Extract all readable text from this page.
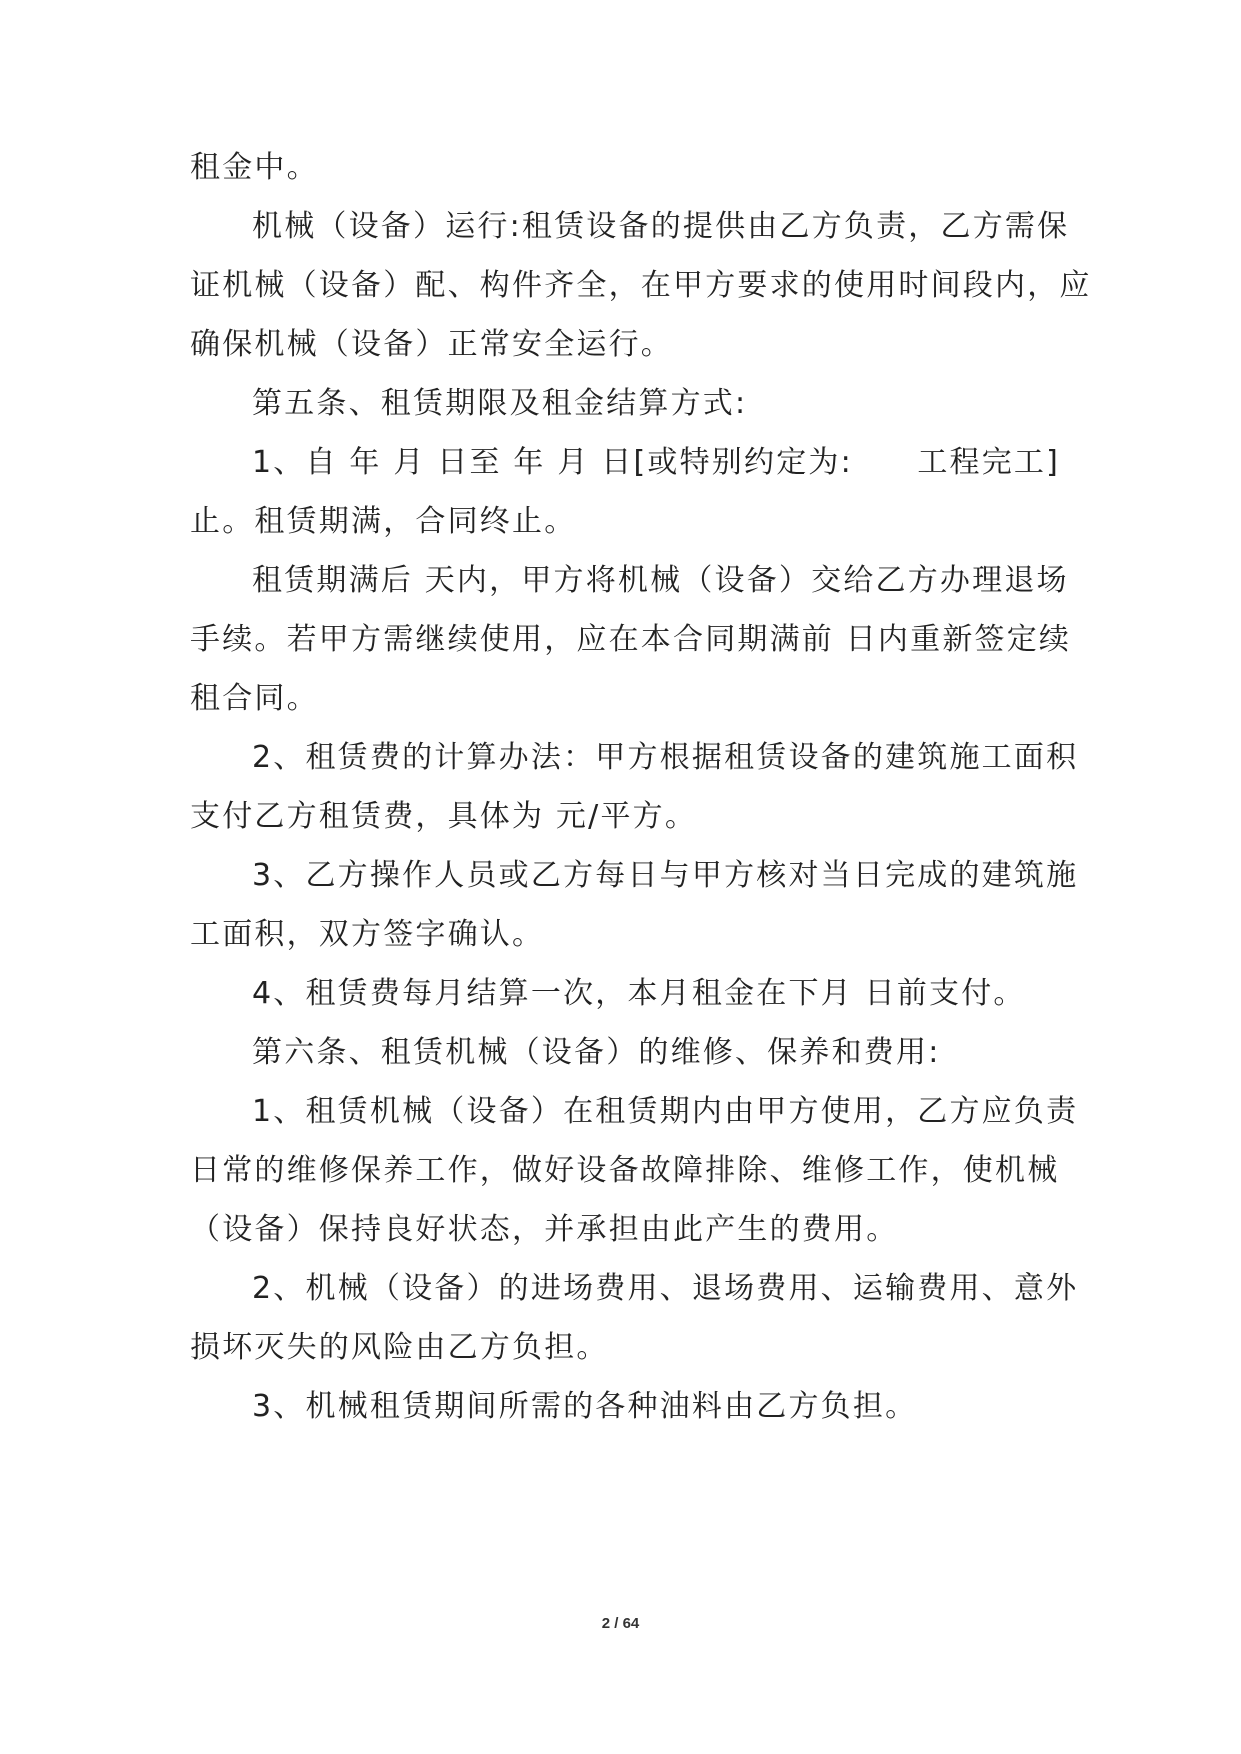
租金中。
机械（设备）运行:租赁设备的提供由乙方负责，乙方需保
证机械（设备）配、构件齐全，在甲方要求的使用时间段内，应
确保机械（设备）正常安全运行。
第五条、租赁期限及租金结算方式:
1、自 年 月 日至 年 月 日[或特别约定为:　　工程完工]
止。租赁期满，合同终止。
租赁期满后 天内，甲方将机械（设备）交给乙方办理退场
手续。若甲方需继续使用，应在本合同期满前 日内重新签定续
租合同。
2、租赁费的计算办法：甲方根据租赁设备的建筑施工面积
支付乙方租赁费，具体为 元/平方。
3、乙方操作人员或乙方每日与甲方核对当日完成的建筑施
工面积，双方签字确认。
4、租赁费每月结算一次，本月租金在下月 日前支付。
第六条、租赁机械（设备）的维修、保养和费用:
1、租赁机械（设备）在租赁期内由甲方使用，乙方应负责
日常的维修保养工作，做好设备故障排除、维修工作，使机械
（设备）保持良好状态，并承担由此产生的费用。
2、机械（设备）的进场费用、退场费用、运输费用、意外
损坏灭失的风险由乙方负担。
3、机械租赁期间所需的各种油料由乙方负担。
2 / 64
